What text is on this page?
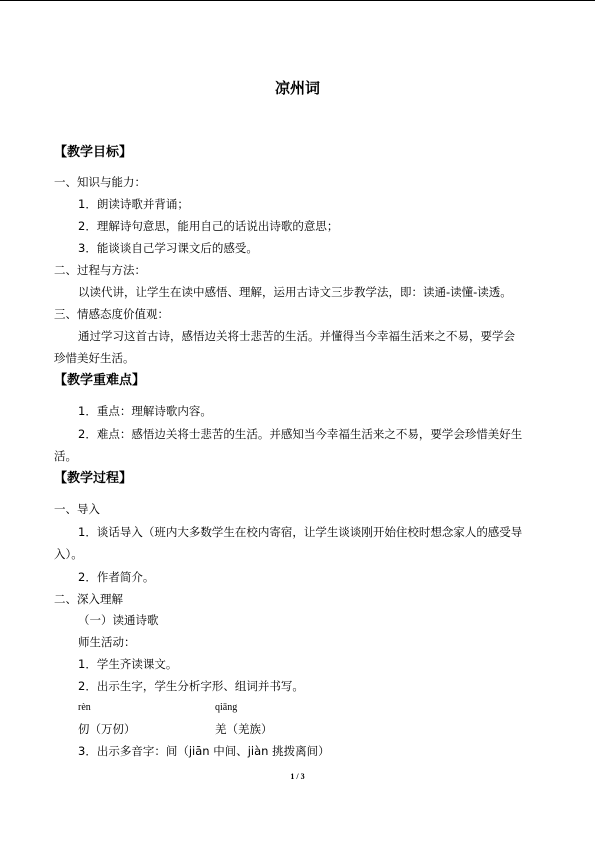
凉州词
【教学目标】
一、知识与能力：
1．朗读诗歌并背诵；
2．理解诗句意思，能用自己的话说出诗歌的意思；
3．能谈谈自己学习课文后的感受。
二、过程与方法：
以读代讲，让学生在读中感悟、理解，运用古诗文三步教学法，即：读通-读懂-读透。
三、情感态度价值观：
通过学习这首古诗，感悟边关将士悲苦的生活。并懂得当今幸福生活来之不易，要学会
珍惜美好生活。
【教学重难点】
1．重点：理解诗歌内容。
2．难点：感悟边关将士悲苦的生活。并感知当今幸福生活来之不易，要学会珍惜美好生
活。
【教学过程】
一、导入
1．谈话导入（班内大多数学生在校内寄宿，让学生谈谈刚开始住校时想念家人的感受导
入）。
2．作者简介。
二、深入理解
（一）读通诗歌
师生活动：
1．学生齐读课文。
2．出示生字，学生分析字形、组词并书写。
rèn	qiāng
仞（万仞）	羌（羌族）
3．出示多音字：间（jiān 中间、jiàn 挑拨离间）
1 / 3
